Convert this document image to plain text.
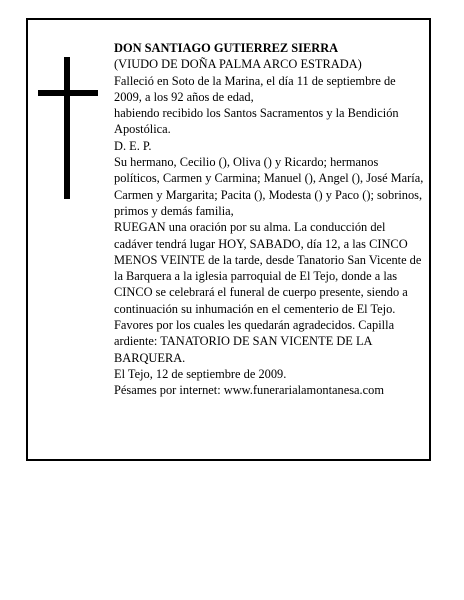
DON SANTIAGO GUTIERREZ SIERRA

(VIUDO DE DOÑA PALMA ARCO ESTRADA)

Falleció en Soto de la Marina, el día 11 de septiembre de 2009, a los 92 años de edad,

habiendo recibido los Santos Sacramentos y la Bendición Apostólica.

D. E. P.

Su hermano, Cecilio (), Oliva () y Ricardo; hermanos políticos, Carmen y Carmina; Manuel (), Angel (), José María, Carmen y Margarita; Pacita (), Modesta () y Paco (); sobrinos, primos y demás familia,

RUEGAN una oración por su alma. La conducción del cadáver tendrá lugar HOY, SABADO, día 12, a las CINCO MENOS VEINTE de la tarde, desde Tanatorio San Vicente de la Barquera a la iglesia parroquial de El Tejo, donde a las CINCO se celebrará el funeral de cuerpo presente, siendo a continuación su inhumación en el cementerio de El Tejo. Favores por los cuales les quedarán agradecidos. Capilla ardiente: TANATORIO DE SAN VICENTE DE LA BARQUERA.

El Tejo, 12 de septiembre de 2009.

Pésames por internet: www.funerarialamontanesa.com
